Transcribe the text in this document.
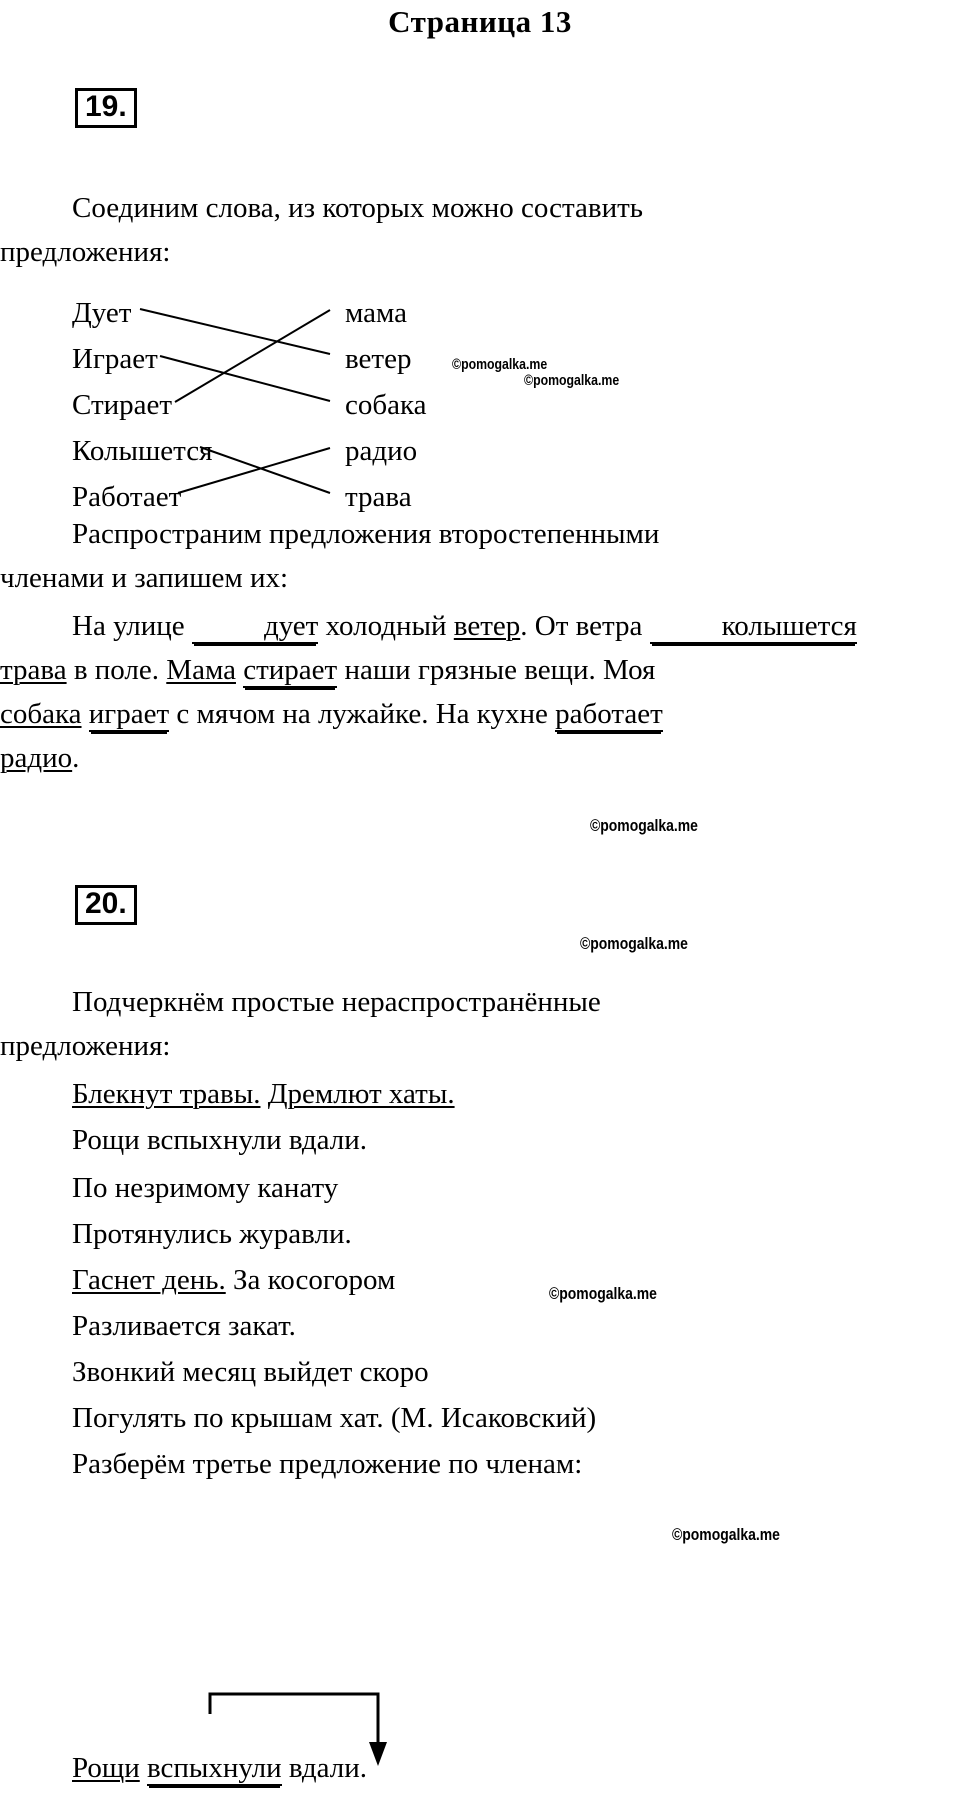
Страница 13
19.
Соединим слова, из которых можно составить
предложения:
Дует
Играет
Стирает
Колышется
Работает
мама
ветер
собака
радио
трава
Распространим предложения второстепенными
членами и запишем их:
На улице дует холодный ветер. От ветра колышется
трава в поле. Мама стирает наши грязные вещи. Моя
собака играет с мячом на лужайке. На кухне работает
радио.
20.
Подчеркнём простые нераспространённые
предложения:
Блекнут травы. Дремлют хаты.
Рощи вспыхнули вдали.
По незримому канату
Протянулись журавли.
Гаснет день. За косогором
Разливается закат.
Звонкий месяц выйдет скоро
Погулять по крышам хат. (М. Исаковский)
Разберём третье предложение по членам:
Рощи вспыхнули вдали.
©pomogalka.me
©pomogalka.me
©pomogalka.me
©pomogalka.me
©pomogalka.me
©pomogalka.me
